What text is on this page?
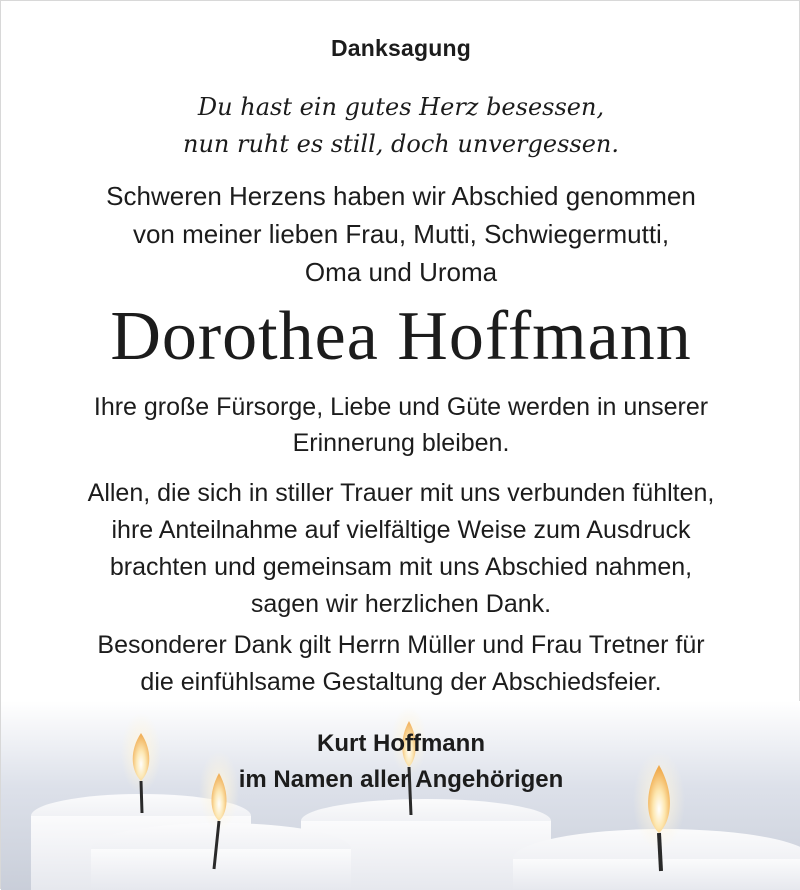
Danksagung
Du hast ein gutes Herz besessen,
nun ruht es still, doch unvergessen.
Schweren Herzens haben wir Abschied genommen
von meiner lieben Frau, Mutti, Schwiegermutti,
Oma und Uroma
Dorothea Hoffmann
Ihre große Fürsorge, Liebe und Güte werden in unserer
Erinnerung bleiben.
Allen, die sich in stiller Trauer mit uns verbunden fühlten,
ihre Anteilnahme auf vielfältige Weise zum Ausdruck
brachten und gemeinsam mit uns Abschied nahmen,
sagen wir herzlichen Dank.
Besonderer Dank gilt Herrn Müller und Frau Tretner für
die einfühlsame Gestaltung der Abschiedsfeier.
Kurt Hoffmann
im Namen aller Angehörigen
